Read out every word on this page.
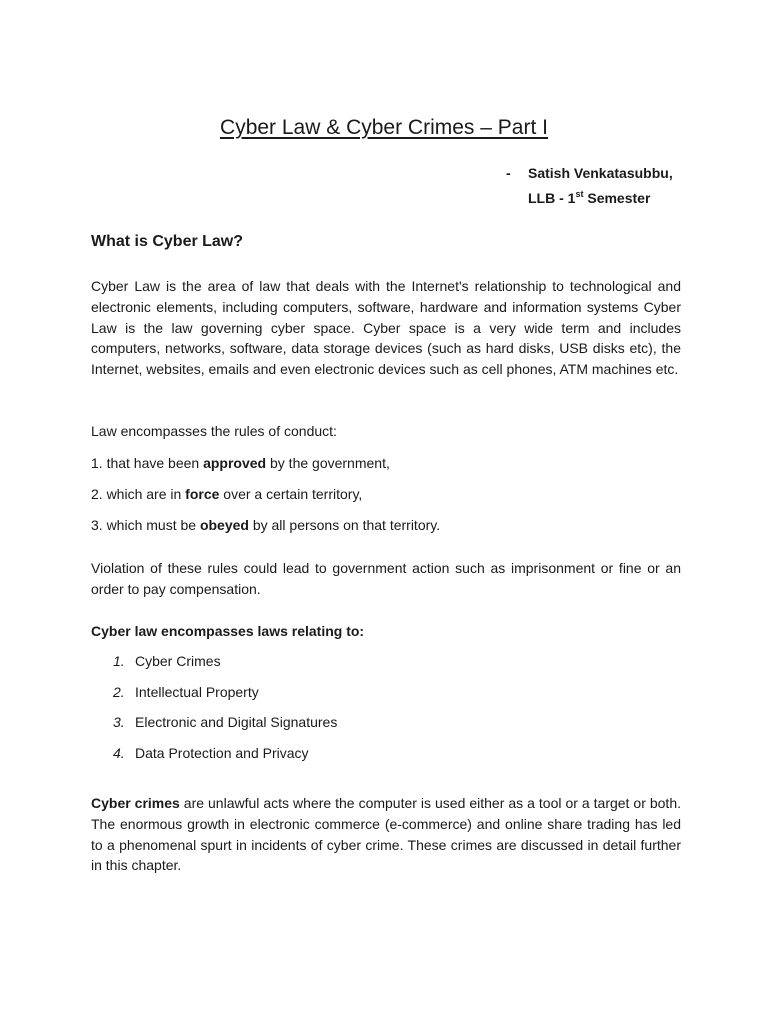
Cyber Law & Cyber Crimes – Part I
- Satish Venkatasubbu,
LLB - 1st Semester
What is Cyber Law?

Cyber Law is the area of law that deals with the Internet's relationship to technological and electronic elements, including computers, software, hardware and information systems Cyber Law is the law governing cyber space. Cyber space is a very wide term and includes computers, networks, software, data storage devices (such as hard disks, USB disks etc), the Internet, websites, emails and even electronic devices such as cell phones, ATM machines etc.

Law encompasses the rules of conduct:

1. that have been approved by the government,

2. which are in force over a certain territory,

3. which must be obeyed by all persons on that territory.

Violation of these rules could lead to government action such as imprisonment or fine or an order to pay compensation.

Cyber law encompasses laws relating to:

1. Cyber Crimes
2. Intellectual Property
3. Electronic and Digital Signatures
4. Data Protection and Privacy

Cyber crimes are unlawful acts where the computer is used either as a tool or a target or both. The enormous growth in electronic commerce (e-commerce) and online share trading has led to a phenomenal spurt in incidents of cyber crime. These crimes are discussed in detail further in this chapter.
